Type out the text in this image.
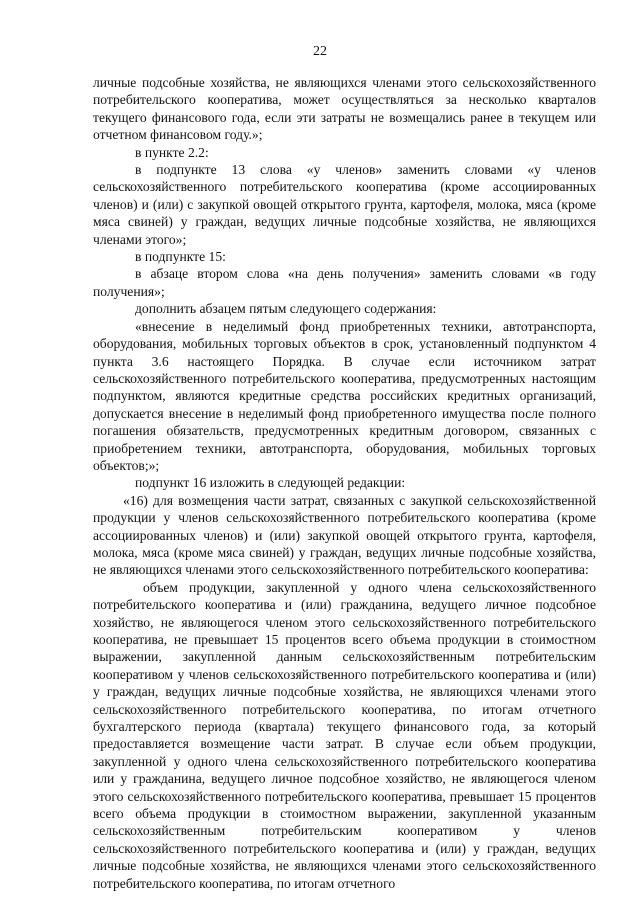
22

личные подсобные хозяйства, не являющихся членами этого сельскохозяйственного потребительского кооператива, может осуществляться за несколько кварталов текущего финансового года, если эти затраты не возмещались ранее в текущем или отчетном финансовом году.»;

в пункте 2.2:

в подпункте 13 слова «у членов» заменить словами «у членов сельскохозяйственного потребительского кооператива (кроме ассоциированных членов) и (или) с закупкой овощей открытого грунта, картофеля, молока, мяса (кроме мяса свиней) у граждан, ведущих личные подсобные хозяйства, не являющихся членами этого»;

в подпункте 15:

в абзаце втором слова «на день получения» заменить словами «в году получения»;

дополнить абзацем пятым следующего содержания:

«внесение в неделимый фонд приобретенных техники, автотранспорта, оборудования, мобильных торговых объектов в срок, установленный подпунктом 4 пункта 3.6 настоящего Порядка. В случае если источником затрат сельскохозяйственного потребительского кооператива, предусмотренных настоящим подпунктом, являются кредитные средства российских кредитных организаций, допускается внесение в неделимый фонд приобретенного имущества после полного погашения обязательств, предусмотренных кредитным договором, связанных с приобретением техники, автотранспорта, оборудования, мобильных торговых объектов;»;

подпункт 16 изложить в следующей редакции:

«16) для возмещения части затрат, связанных с закупкой сельскохозяйственной продукции у членов сельскохозяйственного потребительского кооператива (кроме ассоциированных членов) и (или) закупкой овощей открытого грунта, картофеля, молока, мяса (кроме мяса свиней) у граждан, ведущих личные подсобные хозяйства, не являющихся членами этого сельскохозяйственного потребительского кооператива:

объем продукции, закупленной у одного члена сельскохозяйственного потребительского кооператива и (или) гражданина, ведущего личное подсобное хозяйство, не являющегося членом этого сельскохозяйственного потребительского кооператива, не превышает 15 процентов всего объема продукции в стоимостном выражении, закупленной данным сельскохозяйственным потребительским кооперативом у членов сельскохозяйственного потребительского кооператива и (или) у граждан, ведущих личные подсобные хозяйства, не являющихся членами этого сельскохозяйственного потребительского кооператива, по итогам отчетного бухгалтерского периода (квартала) текущего финансового года, за который предоставляется возмещение части затрат. В случае если объем продукции, закупленной у одного члена сельскохозяйственного потребительского кооператива или у гражданина, ведущего личное подсобное хозяйство, не являющегося членом этого сельскохозяйственного потребительского кооператива, превышает 15 процентов всего объема продукции в стоимостном выражении, закупленной указанным сельскохозяйственным потребительским кооперативом у членов сельскохозяйственного потребительского кооператива и (или) у граждан, ведущих личные подсобные хозяйства, не являющихся членами этого сельскохозяйственного потребительского кооператива, по итогам отчетного
